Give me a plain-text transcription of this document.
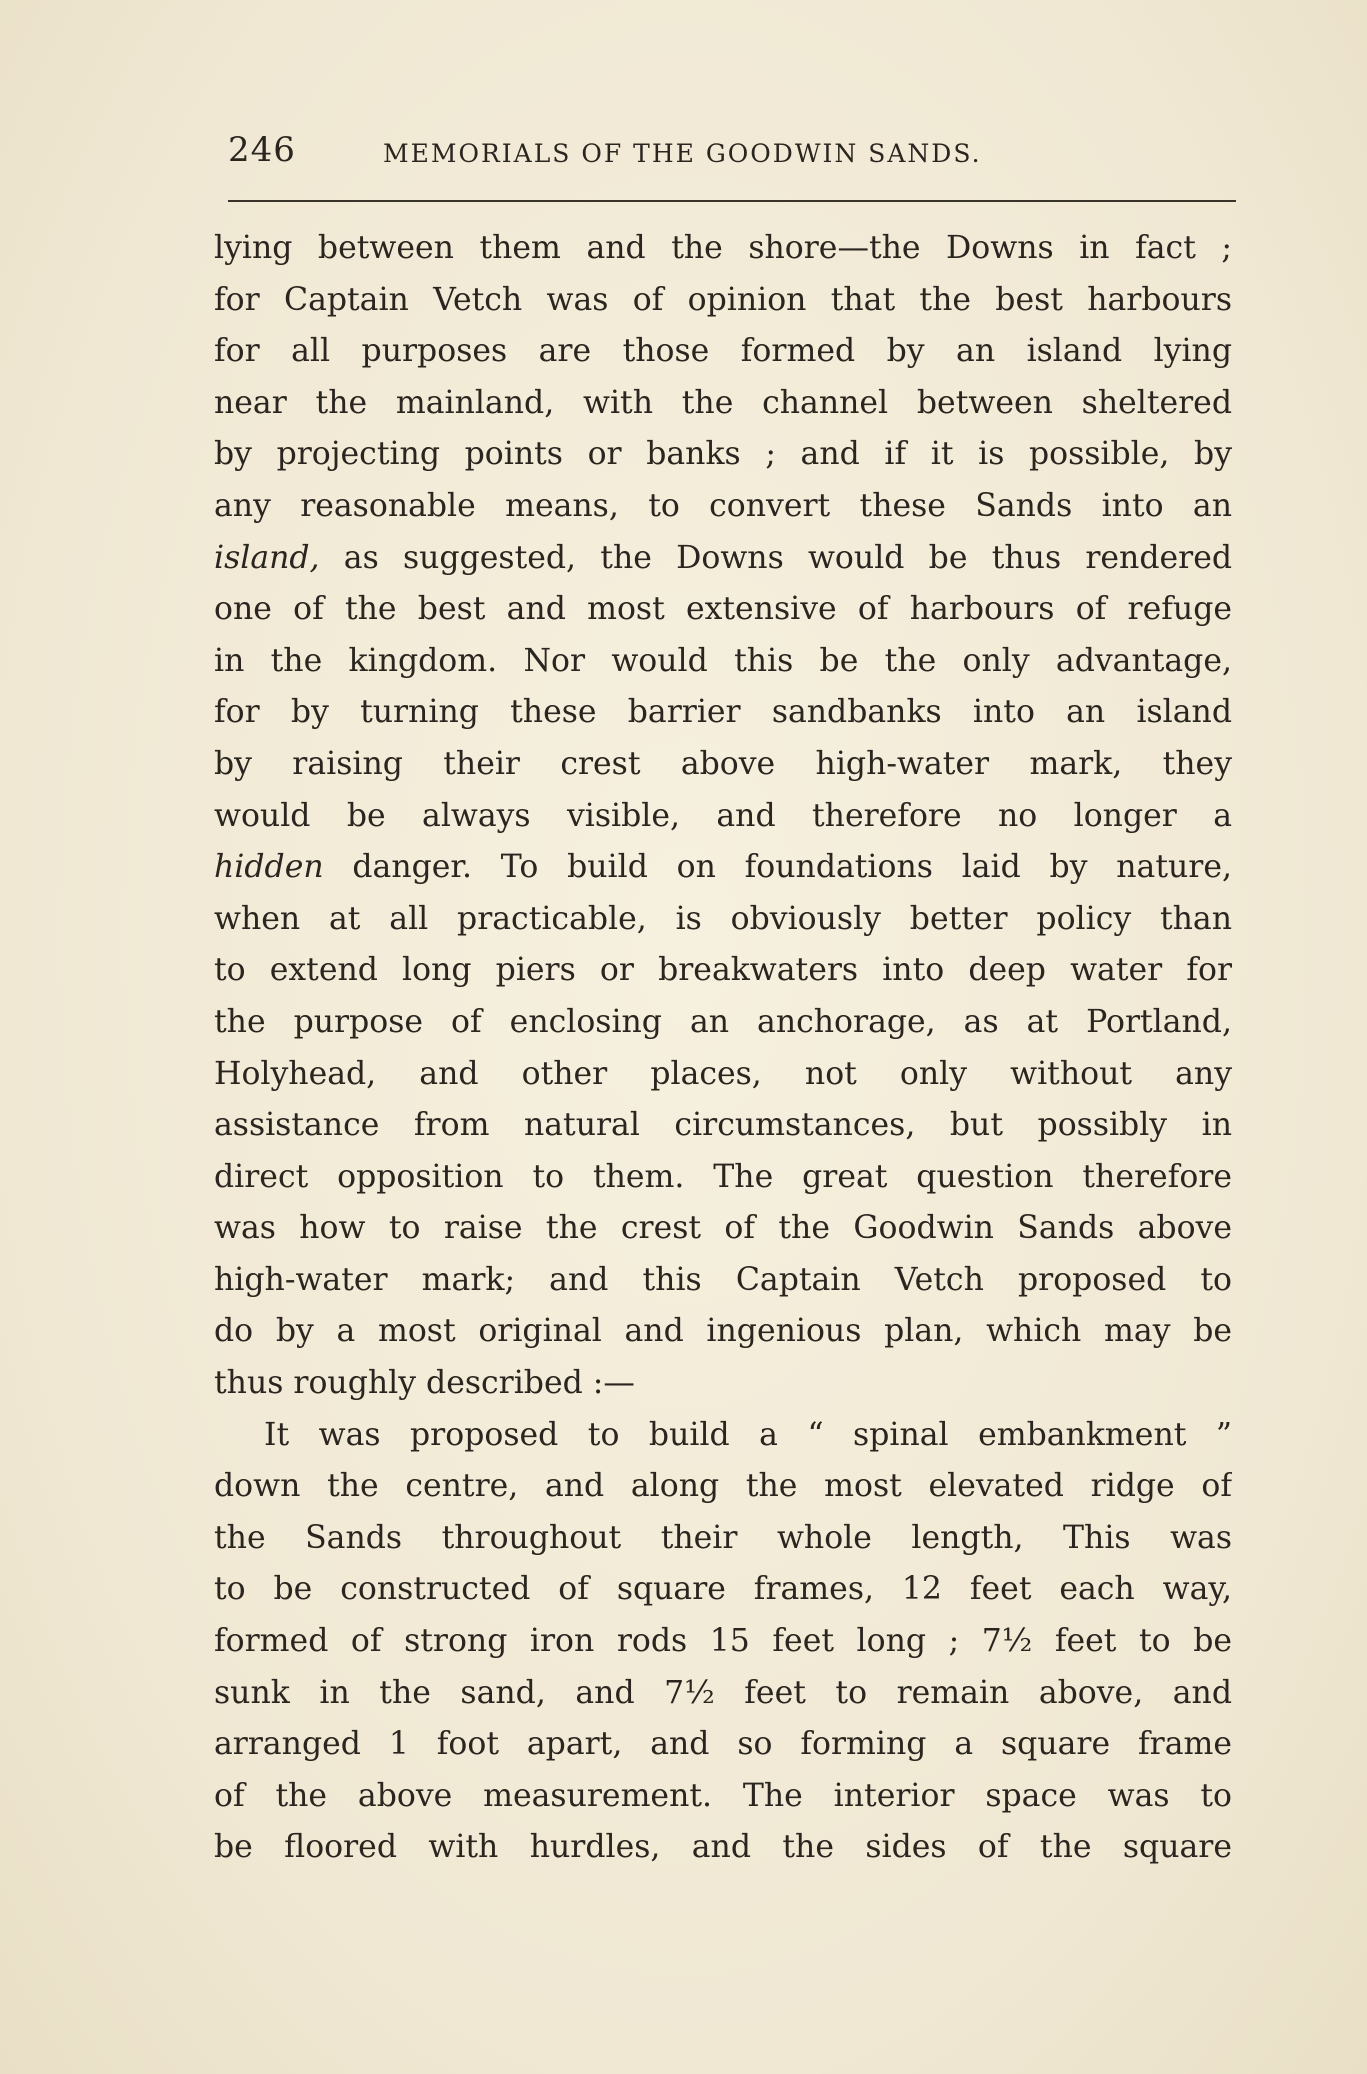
246	MEMORIALS OF THE GOODWIN SANDS.
lying between them and the shore—the Downs in fact ;
for Captain Vetch was of opinion that the best harbours
for all purposes are those formed by an island lying
near the mainland, with the channel between sheltered
by projecting points or banks ; and if it is possible, by
any reasonable means, to convert these Sands into an
island, as suggested, the Downs would be thus rendered
one of the best and most extensive of harbours of refuge
in the kingdom. Nor would this be the only advantage,
for by turning these barrier sandbanks into an island
by raising their crest above high-water mark, they
would be always visible, and therefore no longer a
hidden danger. To build on foundations laid by nature,
when at all practicable, is obviously better policy than
to extend long piers or breakwaters into deep water for
the purpose of enclosing an anchorage, as at Portland,
Holyhead, and other places, not only without any
assistance from natural circumstances, but possibly in
direct opposition to them. The great question therefore
was how to raise the crest of the Goodwin Sands above
high-water mark; and this Captain Vetch proposed to
do by a most original and ingenious plan, which may be
thus roughly described :—
It was proposed to build a “ spinal embankment ”
down the centre, and along the most elevated ridge of
the Sands throughout their whole length, This was
to be constructed of square frames, 12 feet each way,
formed of strong iron rods 15 feet long ; 7½ feet to be
sunk in the sand, and 7½ feet to remain above, and
arranged 1 foot apart, and so forming a square frame
of the above measurement. The interior space was to
be floored with hurdles, and the sides of the square
